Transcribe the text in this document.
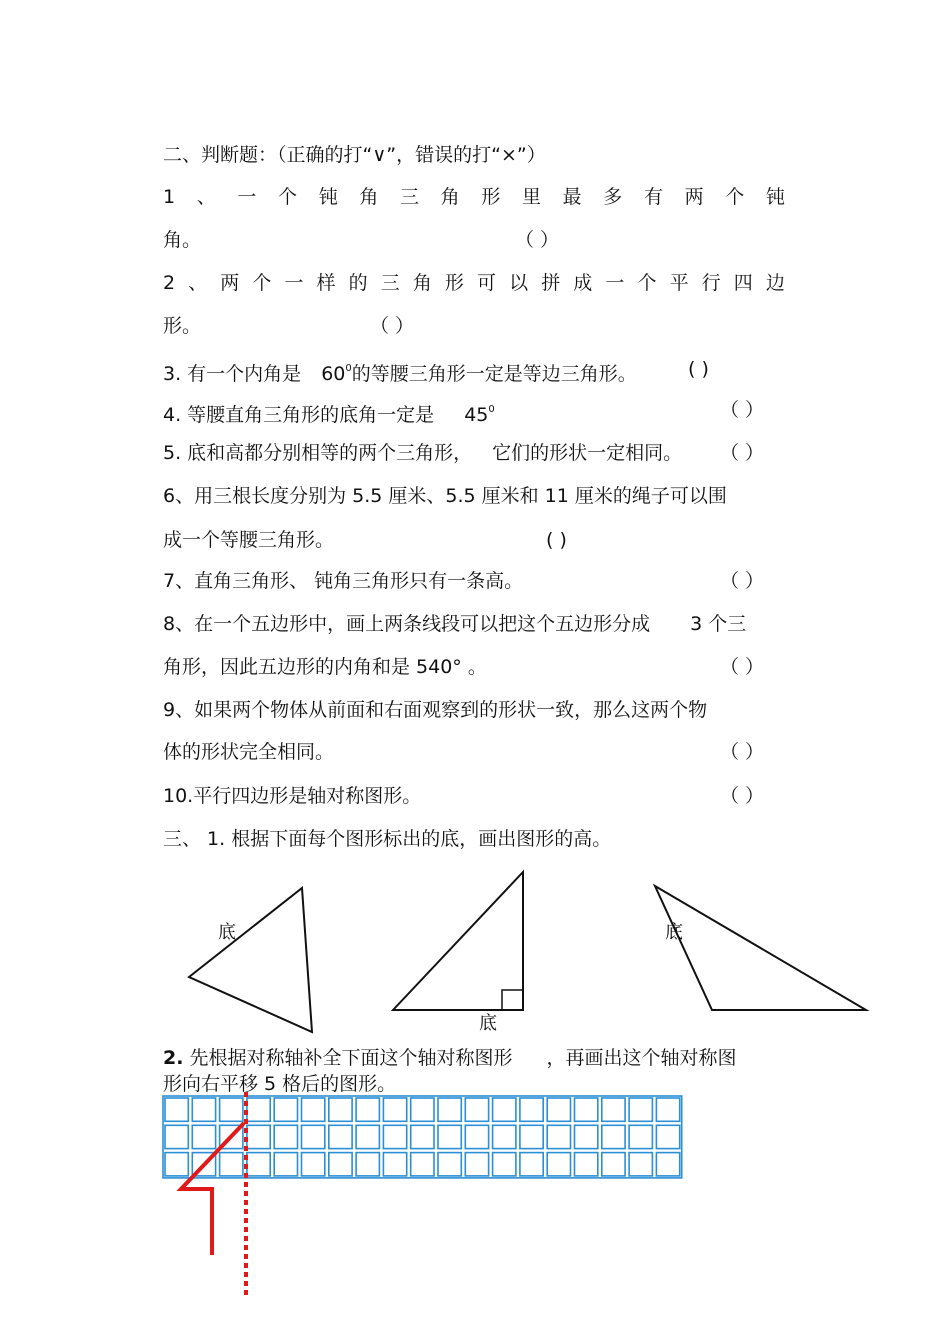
二、判断题：（正确的打“∨”，错误的打“×”）
1 、 一 个 钝 角 三 角 形 里 最 多 有 两 个 钝
角。	（ ）
2 、 两 个 一 样 的 三 角 形 可 以 拼 成 一 个 平 行 四 边
形。	（ ）
3. 有一个内角是 $60^0$的等腰三角形一定是等边三角形。	( )
4. 等腰直角三角形的底角一定是 $45^0$	（ ）
5. 底和高都分别相等的两个三角形， 它们的形状一定相同。 （ ）
6、用三根长度分别为 5.5 厘米、5.5 厘米和 11 厘米的绳子可以围
成一个等腰三角形。	( )
7、直角三角形、 钝角三角形只有一条高。	（ ）
8、在一个五边形中，画上两条线段可以把这个五边形分成 3 个三
角形，因此五边形的内角和是 540° 。	（ ）
9、如果两个物体从前面和右面观察到的形状一致，那么这两个物
体的形状完全相同。	（ ）
10.平行四边形是轴对称图形。	（ ）
三、 1. 根据下面每个图形标出的底，画出图形的高。
底
底
底
2. 先根据对称轴补全下面这个轴对称图形 ，再画出这个轴对称图
形向右平移 5 格后的图形。
